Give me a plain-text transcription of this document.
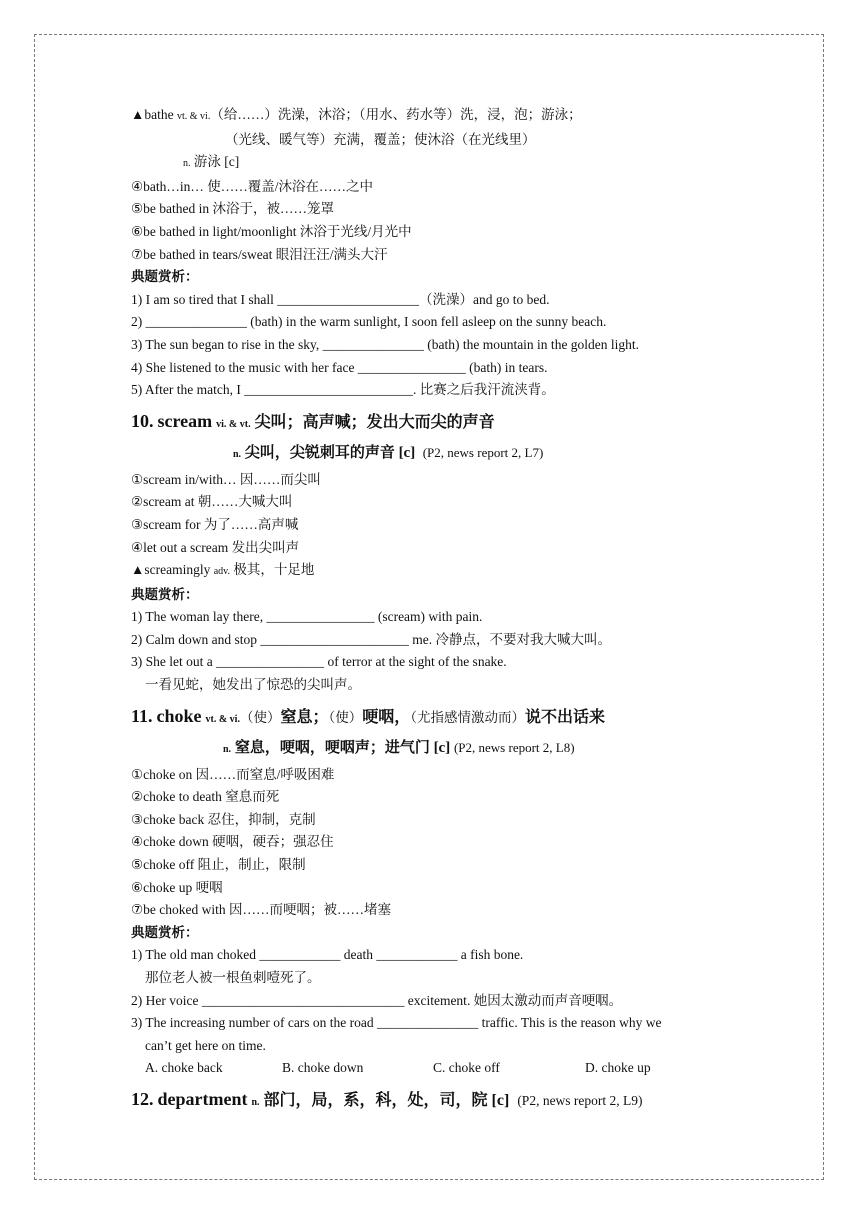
▲bathe vt. & vi.（给……）洗澡，沐浴；（用水、药水等）洗，浸，泡；游泳；
（光线、暖气等）充满，覆盖；使沐浴（在光线里）
n. 游泳 [c]
④bath…in… 使……覆盖/沐浴在……之中
⑤be bathed in 沐浴于，被……笼罩
⑥be bathed in light/moonlight 沐浴于光线/月光中
⑦be bathed in tears/sweat 眼泪汪汪/满头大汗
典题赏析：
1) I am so tired that I shall _____________________（洗澡）and go to bed.
2) _______________ (bath) in the warm sunlight, I soon fell asleep on the sunny beach.
3) The sun began to rise in the sky, _______________ (bath) the mountain in the golden light.
4) She listened to the music with her face ________________ (bath) in tears.
5) After the match, I _________________________. 比赛之后我汗流浃背。
10. scream vi. & vt. 尖叫；高声喊；发出大而尖的声音
n. 尖叫，尖锐刺耳的声音 [c] (P2, news report 2, L7)
①scream in/with… 因……而尖叫
②scream at 朝……大喊大叫
③scream for 为了……高声喊
④let out a scream 发出尖叫声
▲screamingly adv. 极其，十足地
典题赏析：
1) The woman lay there, ________________ (scream) with pain.
2) Calm down and stop ______________________ me. 冷静点，不要对我大喊大叫。
3) She let out a ________________ of terror at the sight of the snake.
一看见蛇，她发出了惊恐的尖叫声。
11. choke vt. & vi.（使）窒息；（使）哽咽，（尤指感情激动而）说不出话来
n. 窒息，哽咽，哽咽声；进气门 [c] (P2, news report 2, L8)
①choke on 因……而窒息/呼吸困难
②choke to death 窒息而死
③choke back 忍住，抑制，克制
④choke down 硬咽，硬吞；强忍住
⑤choke off 阻止，制止，限制
⑥choke up 哽咽
⑦be choked with 因……而哽咽；被……堵塞
典题赏析：
1) The old man choked ____________ death ____________ a fish bone.
那位老人被一根鱼刺噎死了。
2) Her voice ______________________________ excitement. 她因太激动而声音哽咽。
3) The increasing number of cars on the road _______________ traffic. This is the reason why we
can’t get here on time.
A. choke back	B. choke down	C. choke off	D. choke up
12. department n. 部门，局，系，科，处，司，院 [c] (P2, news report 2, L9)
